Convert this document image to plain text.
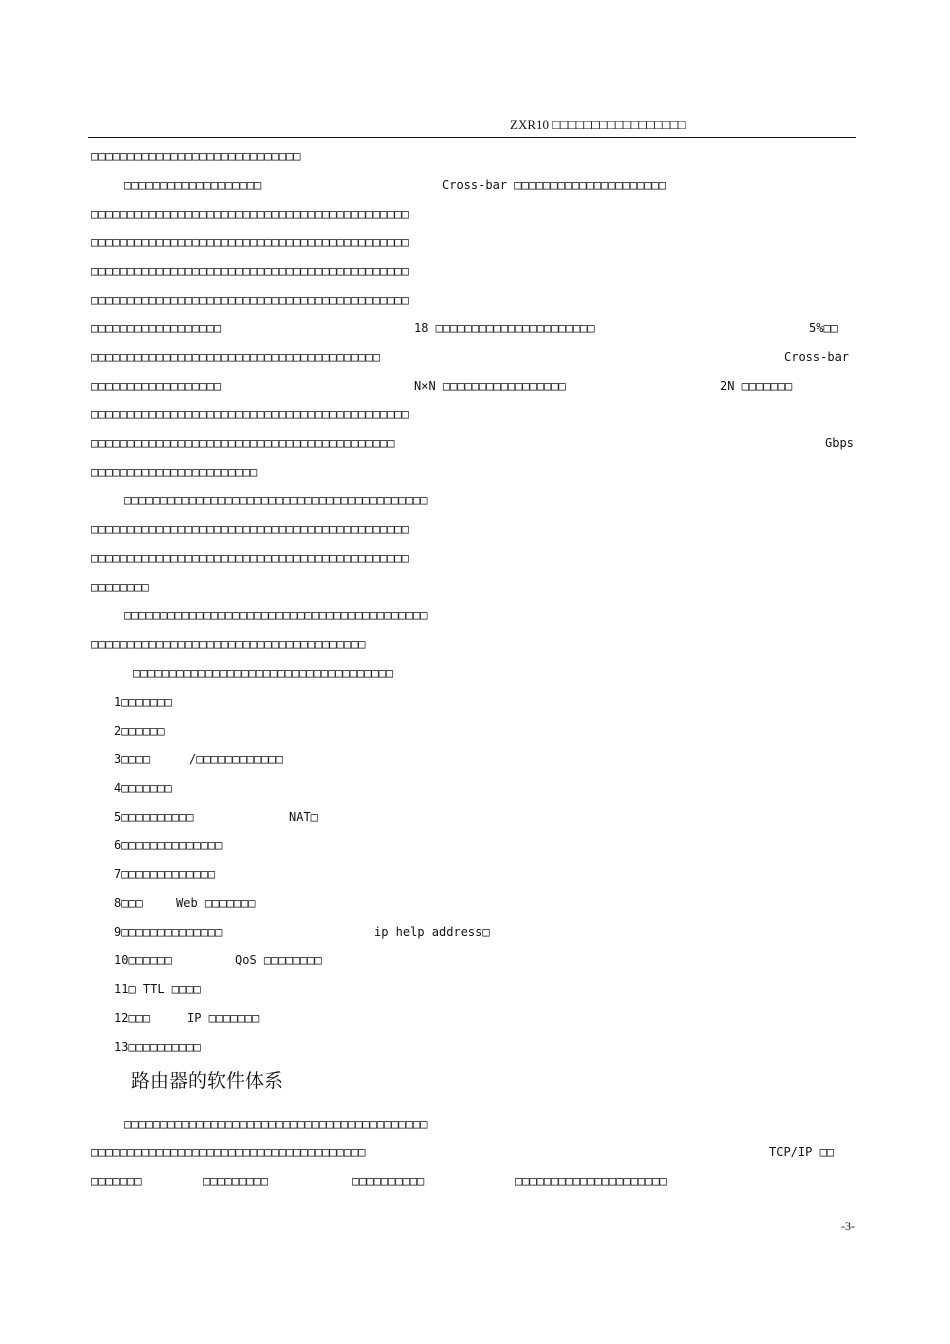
ZXR10 □□□□□□□□□□□□□□□□□
□□□□□□□□□□□□□□□□□□□□□□□□□□□□□
□□□□□□□□□□□□□□□□□□□	Cross-bar □□□□□□□□□□□□□□□□□□□□□
□□□□□□□□□□□□□□□□□□□□□□□□□□□□□□□□□□□□□□□□□□□□
□□□□□□□□□□□□□□□□□□□□□□□□□□□□□□□□□□□□□□□□□□□□
□□□□□□□□□□□□□□□□□□□□□□□□□□□□□□□□□□□□□□□□□□□□
□□□□□□□□□□□□□□□□□□□□□□□□□□□□□□□□□□□□□□□□□□□□
□□□□□□□□□□□□□□□□□□	18 □□□□□□□□□□□□□□□□□□□□□□	5%□□
□□□□□□□□□□□□□□□□□□□□□□□□□□□□□□□□□□□□□□□□	Cross-bar
□□□□□□□□□□□□□□□□□□	N×N □□□□□□□□□□□□□□□□□	2N □□□□□□□
□□□□□□□□□□□□□□□□□□□□□□□□□□□□□□□□□□□□□□□□□□□□
□□□□□□□□□□□□□□□□□□□□□□□□□□□□□□□□□□□□□□□□□□	Gbps
□□□□□□□□□□□□□□□□□□□□□□□
□□□□□□□□□□□□□□□□□□□□□□□□□□□□□□□□□□□□□□□□□□
□□□□□□□□□□□□□□□□□□□□□□□□□□□□□□□□□□□□□□□□□□□□
□□□□□□□□□□□□□□□□□□□□□□□□□□□□□□□□□□□□□□□□□□□□
□□□□□□□□
□□□□□□□□□□□□□□□□□□□□□□□□□□□□□□□□□□□□□□□□□□
□□□□□□□□□□□□□□□□□□□□□□□□□□□□□□□□□□□□□□
□□□□□□□□□□□□□□□□□□□□□□□□□□□□□□□□□□□□
1□□□□□□□
2□□□□□□
3□□□□	/□□□□□□□□□□□□
4□□□□□□□
5□□□□□□□□□□	NAT□
6□□□□□□□□□□□□□□
7□□□□□□□□□□□□□
8□□□	Web □□□□□□□
9□□□□□□□□□□□□□□	ip help address□
10□□□□□□	QoS □□□□□□□□
11□ TTL □□□□
12□□□	IP □□□□□□□
13□□□□□□□□□□
路由器的软件体系
□□□□□□□□□□□□□□□□□□□□□□□□□□□□□□□□□□□□□□□□□□
□□□□□□□□□□□□□□□□□□□□□□□□□□□□□□□□□□□□□□	TCP/IP □□
□□□□□□□	□□□□□□□□□	□□□□□□□□□□	□□□□□□□□□□□□□□□□□□□□□
-3-
